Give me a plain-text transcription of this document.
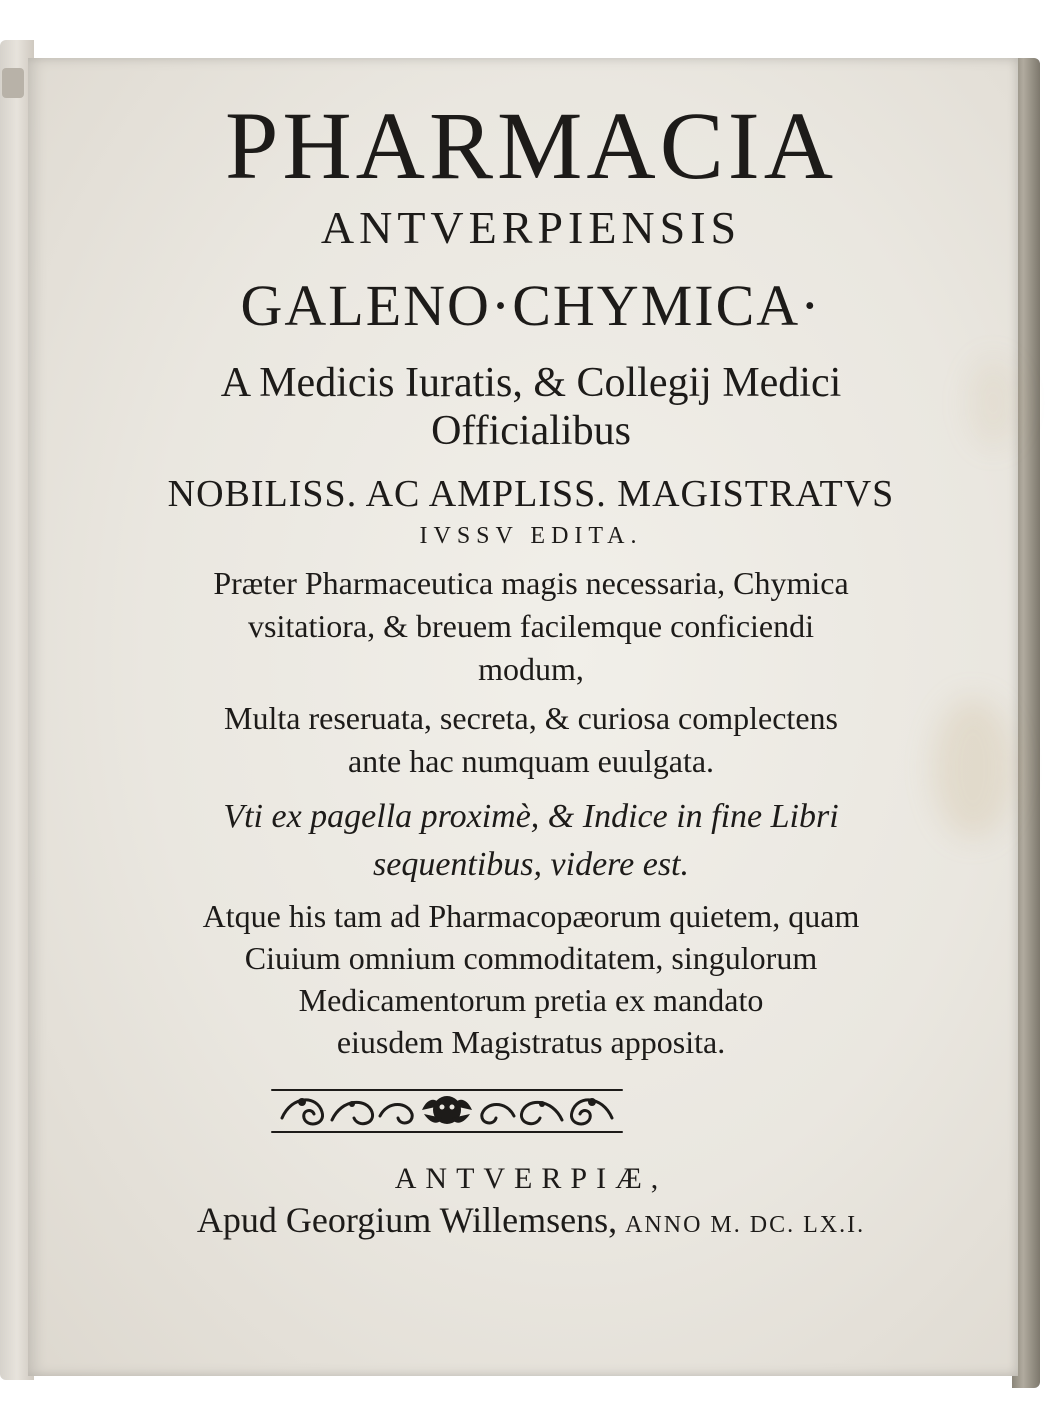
PHARMACIA
ANTVERPIENSIS
GALENO·CHYMICA·
A Medicis Iuratis, & Collegij Medici
Officialibus
NOBILISS. AC AMPLISS. MAGISTRATVS
IVSSV EDITA.
Præter Pharmaceutica magis necessaria, Chymica
vsitatiora, & breuem facilemque conficiendi
modum,
Multa reseruata, secreta, & curiosa complectens
ante hac numquam euulgata.
Vti ex pagella proximè, & Indice in fine Libri
sequentibus, videre est.
Atque his tam ad Pharmacopæorum quietem, quam
Ciuium omnium commoditatem, singulorum
Medicamentorum pretia ex mandato
eiusdem Magistratus apposita.
ANTVERPIÆ,
Apud Georgium Willemsens, ANNO M. DC. LX.I.
